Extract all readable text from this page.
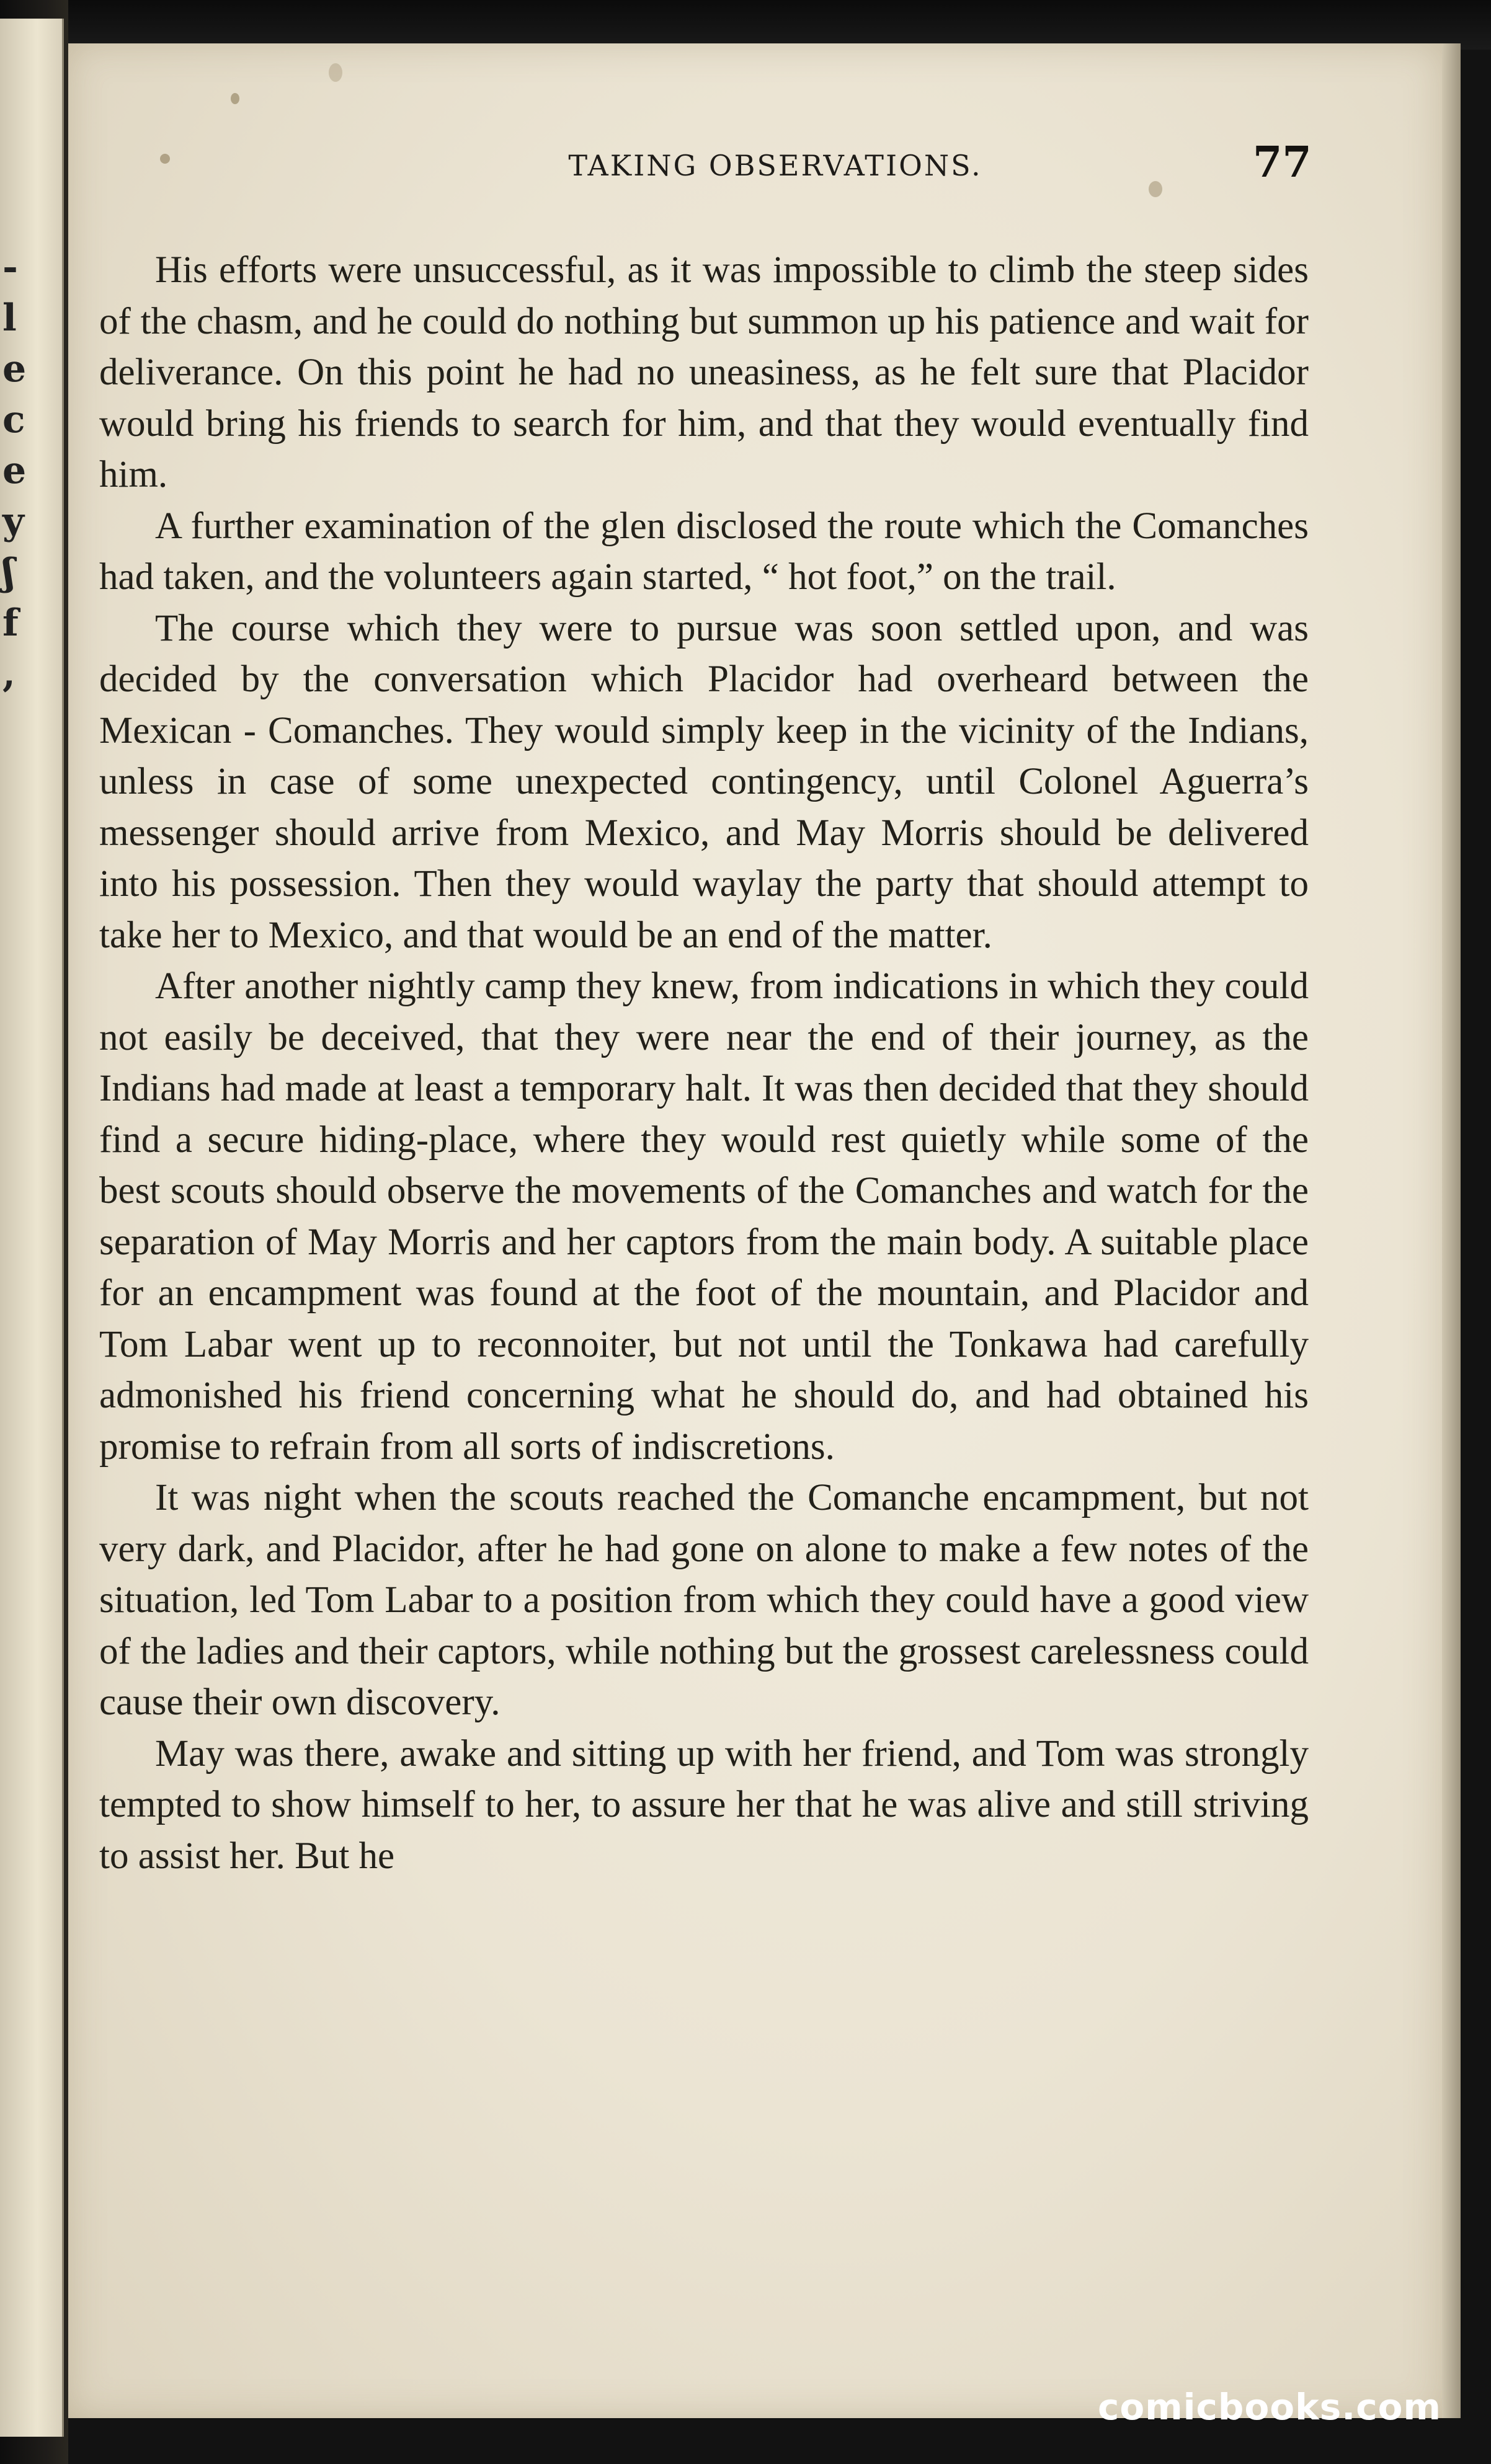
-
l
e
c
e
y
ʃ
f
,
TAKING OBSERVATIONS.	77

His efforts were unsuccessful, as it was impossible to climb the steep sides of the chasm, and he could do nothing but summon up his patience and wait for deliverance. On this point he had no uneasiness, as he felt sure that Placidor would bring his friends to search for him, and that they would eventually find him.

A further examination of the glen disclosed the route which the Comanches had taken, and the volunteers again started, “ hot foot,” on the trail.

The course which they were to pursue was soon settled upon, and was decided by the conversation which Placidor had overheard between the Mexican - Comanches. They would simply keep in the vicinity of the Indians, unless in case of some unexpected contingency, until Colonel Aguerra’s messenger should arrive from Mexico, and May Morris should be delivered into his possession. Then they would waylay the party that should attempt to take her to Mexico, and that would be an end of the matter.

After another nightly camp they knew, from indications in which they could not easily be deceived, that they were near the end of their journey, as the Indians had made at least a temporary halt. It was then decided that they should find a secure hiding-place, where they would rest quietly while some of the best scouts should observe the movements of the Comanches and watch for the separation of May Morris and her captors from the main body. A suitable place for an encampment was found at the foot of the mountain, and Placidor and Tom Labar went up to reconnoiter, but not until the Tonkawa had carefully admonished his friend concerning what he should do, and had obtained his promise to refrain from all sorts of indiscretions.

It was night when the scouts reached the Comanche encampment, but not very dark, and Placidor, after he had gone on alone to make a few notes of the situation, led Tom Labar to a position from which they could have a good view of the ladies and their captors, while nothing but the grossest carelessness could cause their own discovery.

May was there, awake and sitting up with her friend, and Tom was strongly tempted to show himself to her, to assure her that he was alive and still striving to assist her. But he

comicbooks.com
